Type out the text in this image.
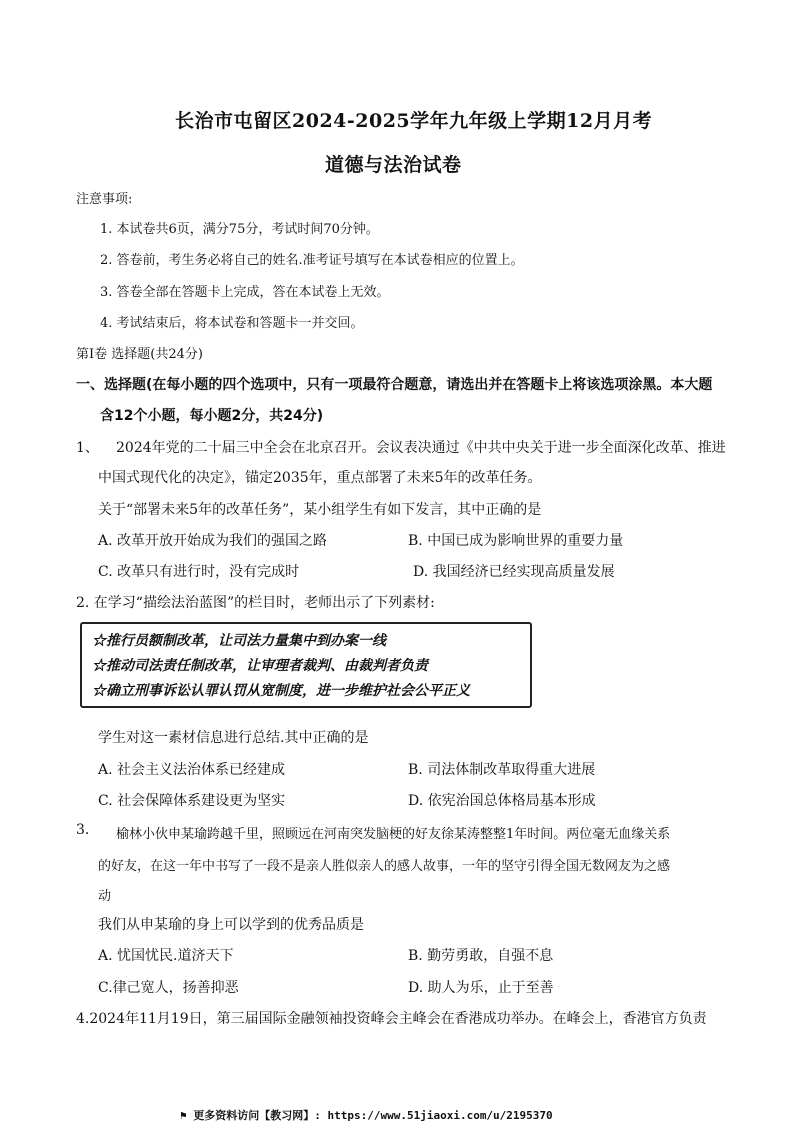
长治市屯留区2024-2025学年九年级上学期12月月考
道德与法治试卷
注意事项:
1. 本试卷共6页，满分75分，考试时间70分钟。
2. 答卷前，考生务必将自己的姓名.准考证号填写在本试卷相应的位置上。
3. 答卷全部在答题卡上完成，答在本试卷上无效。
4. 考试结束后，将本试卷和答题卡一并交回。
第Ⅰ卷 选择题(共24分)
一、选择题(在每小题的四个选项中，只有一项最符合题意，请选出并在答题卡上将该选项涂黑。本大题
含12个小题，每小题2分，共24分)
1、 2024年党的二十届三中全会在北京召开。会议表决通过《中共中央关于进一步全面深化改革、推进
中国式现代化的决定》，锚定2035年，重点部署了未来5年的改革任务。
关于“部署未来5年的改革任务”，某小组学生有如下发言，其中正确的是
A. 改革开放开始成为我们的强国之路	B. 中国已成为影响世界的重要力量
C. 改革只有进行时，没有完成时	D. 我国经济已经实现高质量发展
2. 在学习“描绘法治蓝图”的栏目时，老师出示了下列素材:
☆推行员额制改革，让司法力量集中到办案一线
☆推动司法责任制改革，让审理者裁判、由裁判者负责
☆确立刑事诉讼认罪认罚从宽制度，进一步维护社会公平正义
学生对这一素材信息进行总结.其中正确的是
A. 社会主义法治体系已经建成	B. 司法体制改革取得重大进展
C. 社会保障体系建设更为坚实	D. 依宪治国总体格局基本形成
3. 榆林小伙申某瑜跨越千里，照顾远在河南突发脑梗的好友徐某涛整整1年时间。两位毫无血缘关系
的好友，在这一年中书写了一段不是亲人胜似亲人的感人故事，一年的坚守引得全国无数网友为之感
动
我们从申某瑜的身上可以学到的优秀品质是
A. 忧国忧民.道济天下	B. 勤劳勇敢，自强不息
C.律己宽人，扬善抑恶	D. 助人为乐，止于至善
4.2024年11月19日，第三届国际金融领袖投资峰会主峰会在香港成功举办。在峰会上，香港官方负责
⚑ 更多资料访问【教习网】: https://www.51jiaoxi.com/u/2195370
